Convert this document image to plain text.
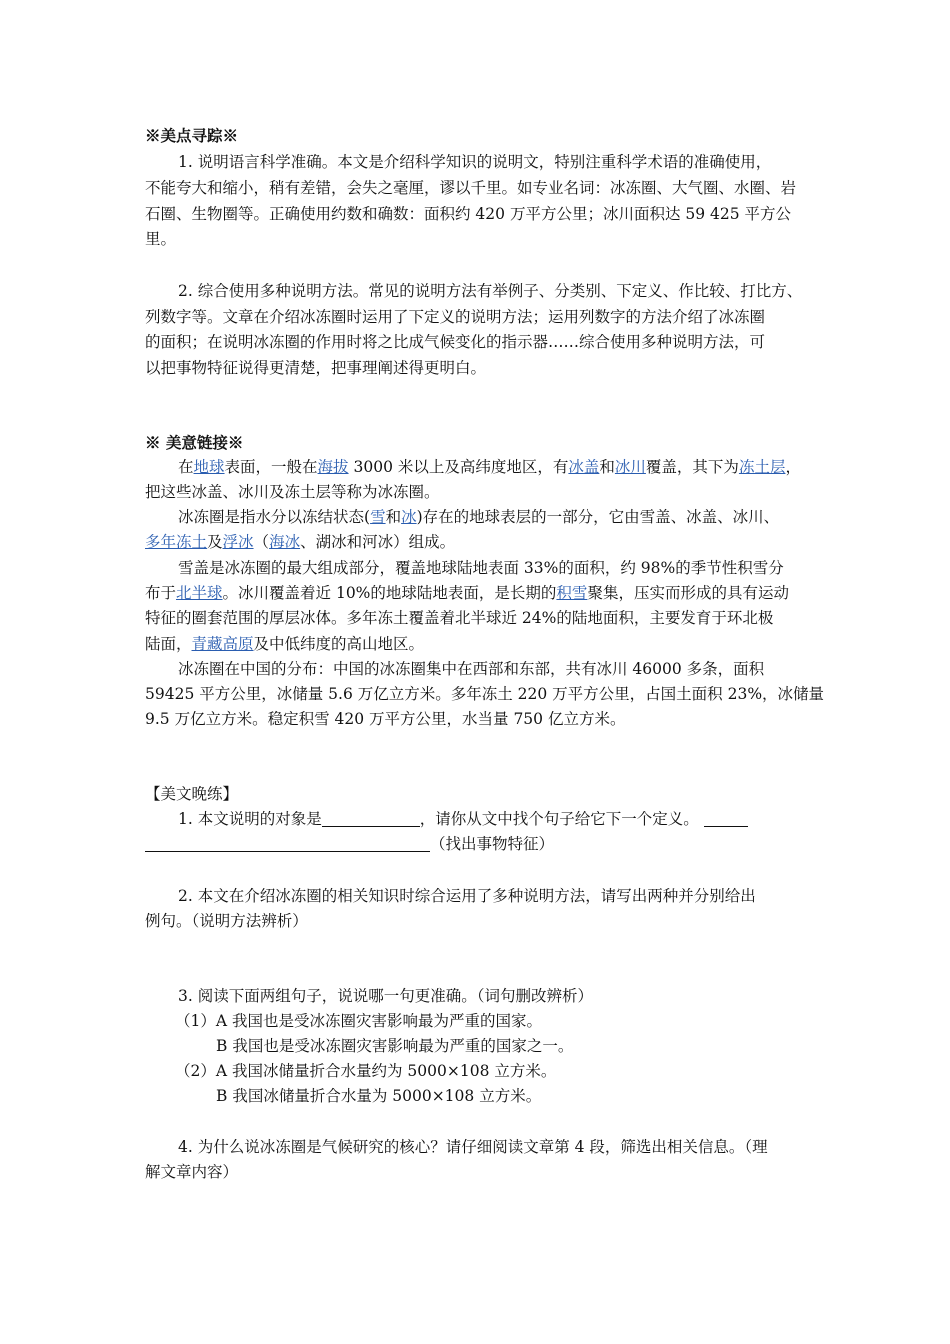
※美点寻踪※
1. 说明语言科学准确。本文是介绍科学知识的说明文，特别注重科学术语的准确使用，
不能夸大和缩小，稍有差错，会失之毫厘，谬以千里。如专业名词：冰冻圈、大气圈、水圈、岩
石圈、生物圈等。正确使用约数和确数：面积约 420 万平方公里；冰川面积达 59 425 平方公
里。
2. 综合使用多种说明方法。常见的说明方法有举例子、分类别、下定义、作比较、打比方、
列数字等。文章在介绍冰冻圈时运用了下定义的说明方法；运用列数字的方法介绍了冰冻圈
的面积；在说明冰冻圈的作用时将之比成气候变化的指示器……综合使用多种说明方法，可
以把事物特征说得更清楚，把事理阐述得更明白。
※ 美意链接※
在地球表面，一般在海拔 3000 米以上及高纬度地区，有冰盖和冰川覆盖，其下为冻土层，
把这些冰盖、冰川及冻土层等称为冰冻圈。
冰冻圈是指水分以冻结状态(雪和冰)存在的地球表层的一部分，它由雪盖、冰盖、冰川、
多年冻土及浮冰（海冰、湖冰和河冰）组成。
雪盖是冰冻圈的最大组成部分，覆盖地球陆地表面 33%的面积，约 98%的季节性积雪分
布于北半球。冰川覆盖着近 10%的地球陆地表面，是长期的积雪聚集，压实而形成的具有运动
特征的圈套范围的厚层冰体。多年冻土覆盖着北半球近 24%的陆地面积，主要发育于环北极
陆面，青藏高原及中低纬度的高山地区。
冰冻圈在中国的分布：中国的冰冻圈集中在西部和东部，共有冰川 46000 多条，面积
59425 平方公里，冰储量 5.6 万亿立方米。多年冻土 220 万平方公里，占国土面积 23%，冰储量
9.5 万亿立方米。稳定积雪 420 万平方公里，水当量 750 亿立方米。
【美文晚练】
1. 本文说明的对象是	，请你从文中找个句子给它下一个定义。
（找出事物特征）
2. 本文在介绍冰冻圈的相关知识时综合运用了多种说明方法，请写出两种并分别给出
例句。（说明方法辨析）
3. 阅读下面两组句子，说说哪一句更准确。（词句删改辨析）
（1）A 我国也是受冰冻圈灾害影响最为严重的国家。
B 我国也是受冰冻圈灾害影响最为严重的国家之一。
（2）A 我国冰储量折合水量约为 5000×108 立方米。
B 我国冰储量折合水量为 5000×108 立方米。
4. 为什么说冰冻圈是气候研究的核心？请仔细阅读文章第 4 段，筛选出相关信息。（理
解文章内容）
